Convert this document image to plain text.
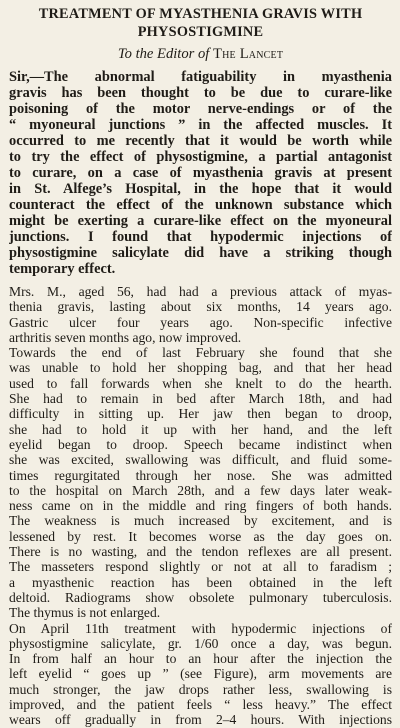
TREATMENT OF MYASTHENIA GRAVIS WITH
PHYSOSTIGMINE
To the Editor of The Lancet
Sir,—The abnormal fatiguability in myasthenia
gravis has been thought to be due to curare-like
poisoning of the motor nerve-endings or of the
“ myoneural junctions ” in the affected muscles. It
occurred to me recently that it would be worth while
to try the effect of physostigmine, a partial antagonist
to curare, on a case of myasthenia gravis at present
in St. Alfege’s Hospital, in the hope that it would
counteract the effect of the unknown substance which
might be exerting a curare-like effect on the myoneural
junctions. I found that hypodermic injections of
physostigmine salicylate did have a striking though
temporary effect.
Mrs. M., aged 56, had had a previous attack of myas-
thenia gravis, lasting about six months, 14 years ago.
Gastric ulcer four years ago. Non-specific infective
arthritis seven months ago, now improved.
Towards the end of last February she found that she
was unable to hold her shopping bag, and that her head
used to fall forwards when she knelt to do the hearth.
She had to remain in bed after March 18th, and had
difficulty in sitting up. Her jaw then began to droop,
she had to hold it up with her hand, and the left
eyelid began to droop. Speech became indistinct when
she was excited, swallowing was difficult, and fluid some-
times regurgitated through her nose. She was admitted
to the hospital on March 28th, and a few days later weak-
ness came on in the middle and ring fingers of both hands.
The weakness is much increased by excitement, and is
lessened by rest. It becomes worse as the day goes on.
There is no wasting, and the tendon reflexes are all present.
The masseters respond slightly or not at all to faradism ;
a myasthenic reaction has been obtained in the left
deltoid. Radiograms show obsolete pulmonary tuberculosis.
The thymus is not enlarged.
On April 11th treatment with hypodermic injections of
physostigmine salicylate, gr. 1/60 once a day, was begun.
In from half an hour to an hour after the injection the
left eyelid “ goes up ” (see Figure), arm movements are
much stronger, the jaw drops rather less, swallowing is
improved, and the patient feels “ less heavy.” The effect
wears off gradually in from 2–4 hours. With injections
